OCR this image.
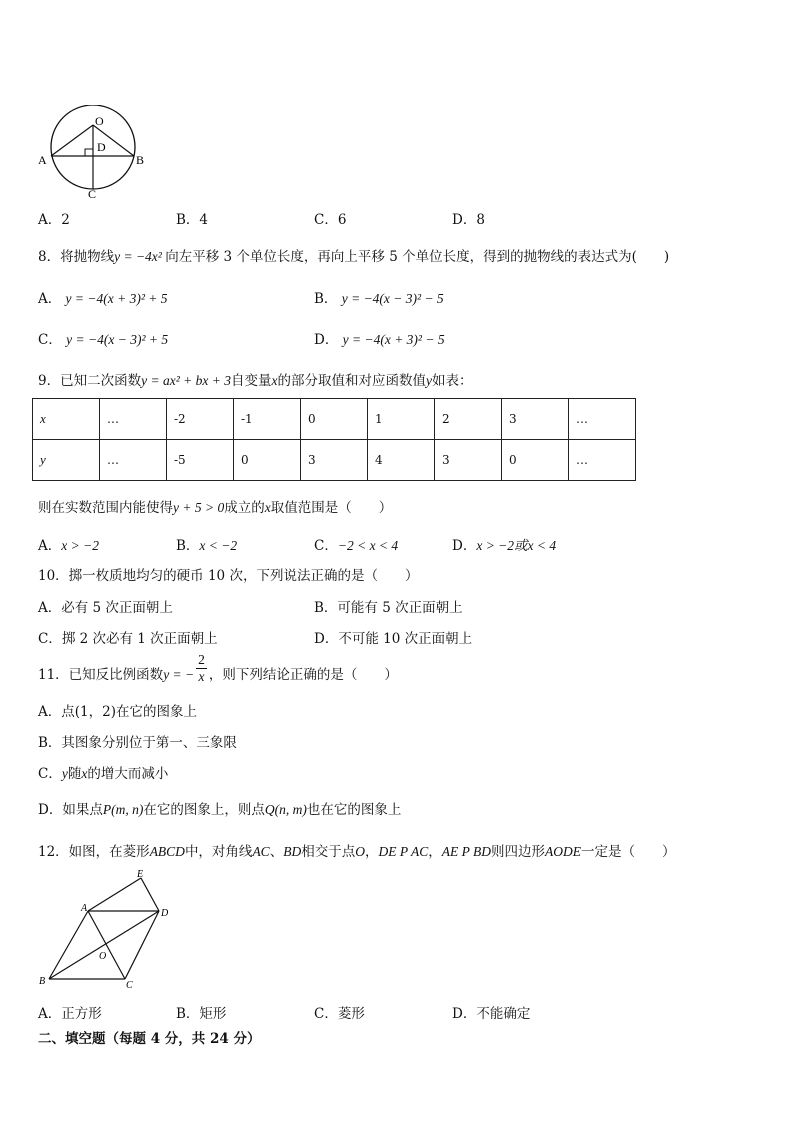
O
D
A	B
C
A．2	B．4	C．6	D．8
8．将抛物线y = −4x² 向左平移 3 个单位长度，再向上平移 5 个单位长度，得到的抛物线的表达式为(　　)
A． y = −4(x + 3)² + 5	B． y = −4(x − 3)² − 5
C． y = −4(x − 3)² + 5	D． y = −4(x + 3)² − 5
9．已知二次函数y = ax² + bx + 3自变量x的部分取值和对应函数值y如表：
x	…	-2	-1	0	1	2	3	…
y	…	-5	0	3	4	3	0	…
则在实数范围内能使得y + 5 > 0成立的x取值范围是（　　）
A．x > −2	B．x < −2	C．−2 < x < 4	D．x > −2或x < 4
10．掷一枚质地均匀的硬币 10 次，下列说法正确的是（　　）
A．必有 5 次正面朝上	B．可能有 5 次正面朝上
C．掷 2 次必有 1 次正面朝上	D．不可能 10 次正面朝上
11．已知反比例函数y = − $\frac{2}{x}$ ，则下列结论正确的是（　　）
A．点(1，2)在它的图象上
B．其图象分别位于第一、三象限
C．y随x的增大而减小
D．如果点P(m, n)在它的图象上，则点Q(n, m)也在它的图象上
12．如图，在菱形ABCD中，对角线AC、BD相交于点O，DE P AC，AE P BD则四边形AODE一定是（　　）
E
A	D
O
B	C
A．正方形	B．矩形	C．菱形	D．不能确定
二、填空题（每题 4 分，共 24 分）
